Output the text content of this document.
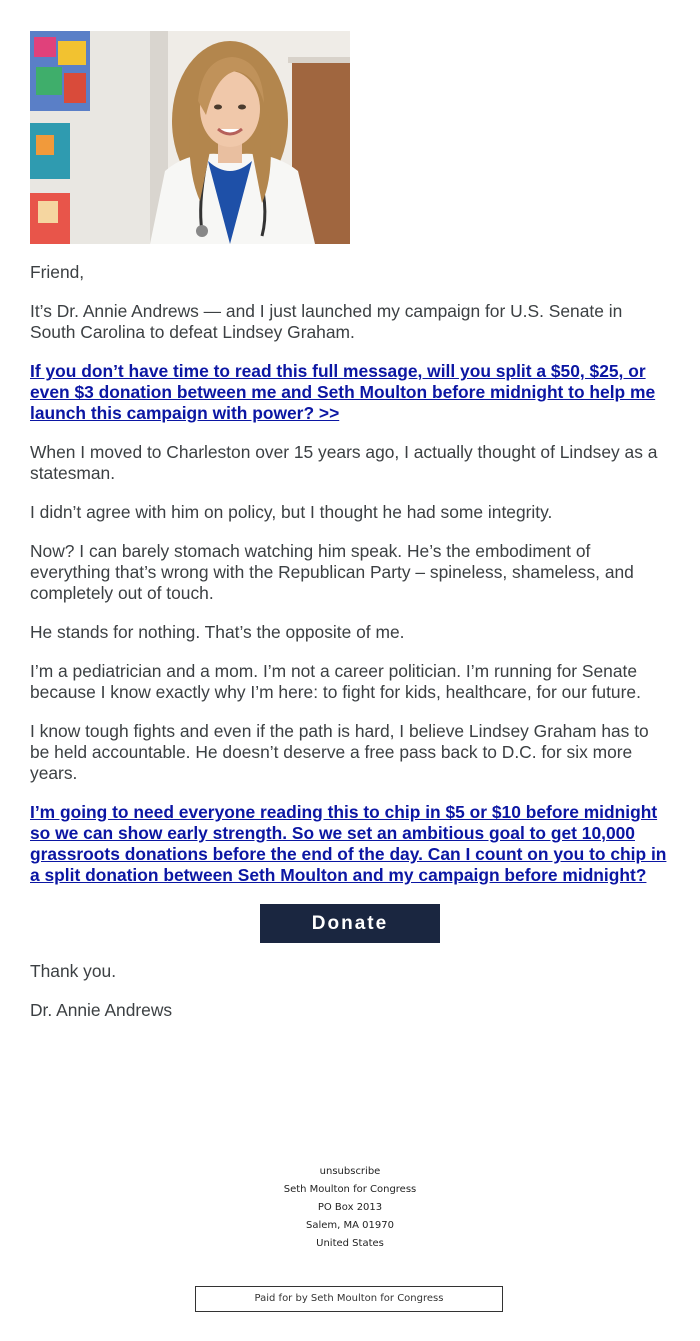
Friend,

It’s Dr. Annie Andrews — and I just launched my campaign for U.S. Senate in South Carolina to defeat Lindsey Graham.

If you don’t have time to read this full message, will you split a $50, $25, or even $3 donation between me and Seth Moulton before midnight to help me launch this campaign with power? >>

When I moved to Charleston over 15 years ago, I actually thought of Lindsey as a statesman.

I didn’t agree with him on policy, but I thought he had some integrity.

Now? I can barely stomach watching him speak. He’s the embodiment of everything that’s wrong with the Republican Party – spineless, shameless, and completely out of touch.

He stands for nothing. That’s the opposite of me.

I’m a pediatrician and a mom. I’m not a career politician. I’m running for Senate because I know exactly why I’m here: to fight for kids, healthcare, for our future.

I know tough fights and even if the path is hard, I believe Lindsey Graham has to be held accountable. He doesn’t deserve a free pass back to D.C. for six more years.

I’m going to need everyone reading this to chip in $5 or $10 before midnight so we can show early strength. So we set an ambitious goal to get 10,000 grassroots donations before the end of the day. Can I count on you to chip in a split donation between Seth Moulton and my campaign before midnight?

Donate

Thank you.

Dr. Annie Andrews

unsubscribe
Seth Moulton for Congress
PO Box 2013
Salem, MA 01970
United States
Paid for by Seth Moulton for Congress
